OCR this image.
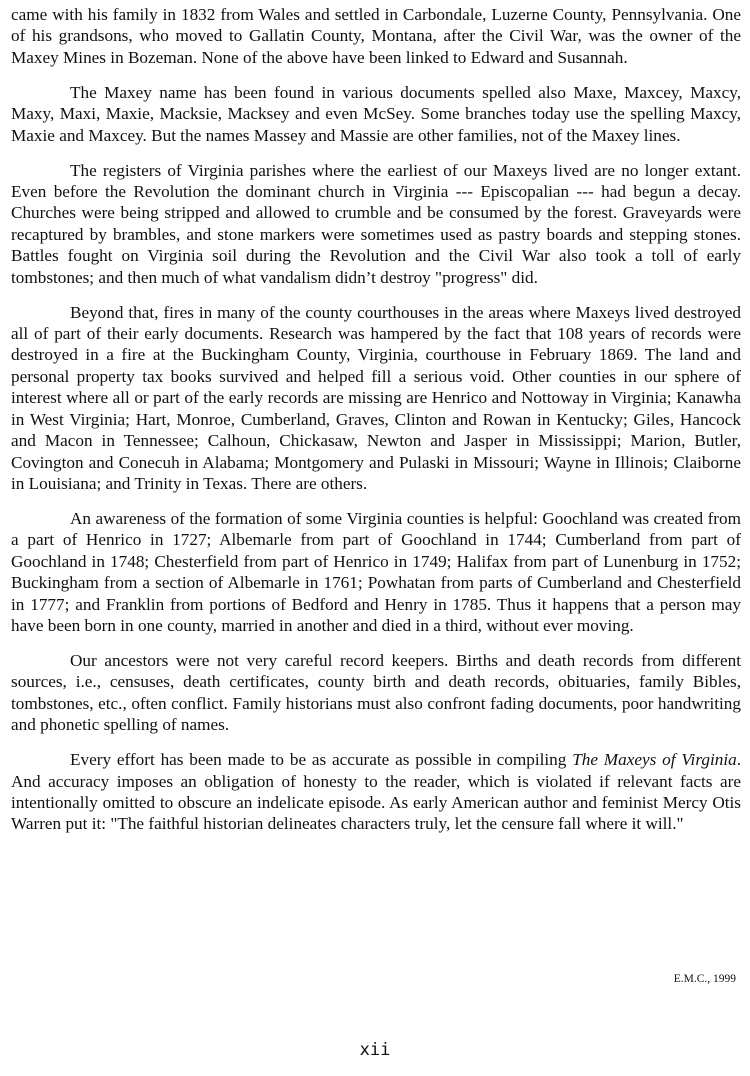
came with his family in 1832 from Wales and settled in Carbondale, Luzerne County, Pennsylvania. One of his grandsons, who moved to Gallatin County, Montana, after the Civil War, was the owner of the Maxey Mines in Bozeman. None of the above have been linked to Edward and Susannah.

The Maxey name has been found in various documents spelled also Maxe, Maxcey, Maxcy, Maxy, Maxi, Maxie, Macksie, Macksey and even McSey. Some branches today use the spelling Maxcy, Maxie and Maxcey. But the names Massey and Massie are other families, not of the Maxey lines.

The registers of Virginia parishes where the earliest of our Maxeys lived are no longer extant. Even before the Revolution the dominant church in Virginia --- Episcopalian --- had begun a decay. Churches were being stripped and allowed to crumble and be consumed by the forest. Graveyards were recaptured by brambles, and stone markers were sometimes used as pastry boards and stepping stones. Battles fought on Virginia soil during the Revolution and the Civil War also took a toll of early tombstones; and then much of what vandalism didn’t destroy "progress" did.

Beyond that, fires in many of the county courthouses in the areas where Maxeys lived destroyed all of part of their early documents. Research was hampered by the fact that 108 years of records were destroyed in a fire at the Buckingham County, Virginia, courthouse in February 1869. The land and personal property tax books survived and helped fill a serious void. Other counties in our sphere of interest where all or part of the early records are missing are Henrico and Nottoway in Virginia; Kanawha in West Virginia; Hart, Monroe, Cumberland, Graves, Clinton and Rowan in Kentucky; Giles, Hancock and Macon in Tennessee; Calhoun, Chickasaw, Newton and Jasper in Mississippi; Marion, Butler, Covington and Conecuh in Alabama; Montgomery and Pulaski in Missouri; Wayne in Illinois; Claiborne in Louisiana; and Trinity in Texas. There are others.

An awareness of the formation of some Virginia counties is helpful: Goochland was created from a part of Henrico in 1727; Albemarle from part of Goochland in 1744; Cumberland from part of Goochland in 1748; Chesterfield from part of Henrico in 1749; Halifax from part of Lunenburg in 1752; Buckingham from a section of Albemarle in 1761; Powhatan from parts of Cumberland and Chesterfield in 1777; and Franklin from portions of Bedford and Henry in 1785. Thus it happens that a person may have been born in one county, married in another and died in a third, without ever moving.

Our ancestors were not very careful record keepers. Births and death records from different sources, i.e., censuses, death certificates, county birth and death records, obituaries, family Bibles, tombstones, etc., often conflict. Family historians must also confront fading documents, poor handwriting and phonetic spelling of names.

Every effort has been made to be as accurate as possible in compiling The Maxeys of Virginia. And accuracy imposes an obligation of honesty to the reader, which is violated if relevant facts are intentionally omitted to obscure an indelicate episode. As early American author and feminist Mercy Otis Warren put it: "The faithful historian delineates characters truly, let the censure fall where it will."

E.M.C., 1999

xii
